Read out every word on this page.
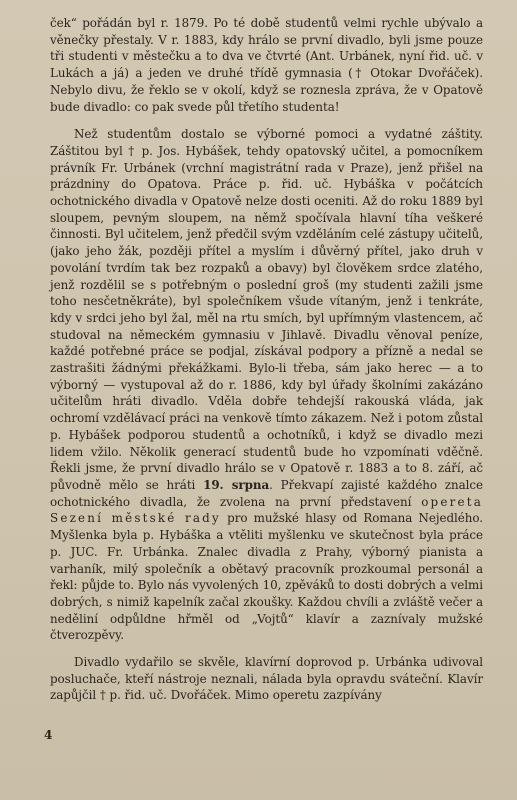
ček“ pořádán byl r. 1879. Po té době studentů velmi rychle ubývalo a věnečky přestaly. V r. 1883, kdy hrálo se první divadlo, byli jsme pouze tři studenti v městečku a to dva ve čtvrté (Ant. Urbánek, nyní řid. uč. v Lukách a já) a jeden ve druhé třídě gymnasia († Otokar Dvořáček). Nebylo divu, že řeklo se v okolí, když se roznesla zpráva, že v Opatově bude divadlo: co pak svede půl třetího studenta!

Než studentům dostalo se výborné pomoci a vydatné záštity. Záštitou byl † p. Jos. Hybášek, tehdy opatovský učitel, a pomocníkem právník Fr. Urbánek (vrchní magistrátní rada v Praze), jenž přišel na prázdniny do Opatova. Práce p. řid. uč. Hybáška v počátcích ochotnického divadla v Opatově nelze dosti oceniti. Až do roku 1889 byl sloupem, pevným sloupem, na němž spočívala hlavní tíha veškeré činnosti. Byl učitelem, jenž předčil svým vzděláním celé zástupy učitelů, (jako jeho žák, později přítel a myslím i důvěrný přítel, jako druh v povolání tvrdím tak bez rozpaků a obavy) byl člověkem srdce zlatého, jenž rozdělil se s potřebným o poslední groš (my studenti zažili jsme toho nesčetněkráte), byl společníkem všude vítaným, jenž i tenkráte, kdy v srdci jeho byl žal, měl na rtu smích, byl upřímným vlastencem, ač studoval na německém gymnasiu v Jihlavě. Divadlu věnoval peníze, každé potřebné práce se podjal, získával podpory a přízně a nedal se zastrašiti žádnými překážkami. Bylo-li třeba, sám jako herec — a to výborný — vystupoval až do r. 1886, kdy byl úřady školními zakázáno učitelům hráti divadlo. Vděla dobře tehdejší rakouská vláda, jak ochromí vzdělávací práci na venkově tímto zákazem. Než i potom zůstal p. Hybášek podporou studentů a ochotníků, i když se divadlo mezi lidem vžilo. Několik generací studentů bude ho vzpomínati vděčně. Řekli jsme, že první divadlo hrálo se v Opatově r. 1883 a to 8. září, ač původně mělo se hráti 19. srpna. Překvapí zajisté každého znalce ochotnického divadla, že zvolena na první představení opereta Sezení městské rady pro mužské hlasy od Romana Nejedlého. Myšlenka byla p. Hybáška a vtěliti myšlenku ve skutečnost byla práce p. JUC. Fr. Urbánka. Znalec divadla z Prahy, výborný pianista a varhaník, milý společník a obětavý pracovník prozkoumal personál a řekl: půjde to. Bylo nás vyvolených 10, zpěváků to dosti dobrých a velmi dobrých, s nimiž kapelník začal zkoušky. Každou chvíli a zvláště večer a neděliní odpůldne hřměl od „Vojtů“ klavír a zaznívaly mužské čtverozpěvy.

Divadlo vydařilo se skvěle, klavírní doprovod p. Urbánka udivoval posluchače, kteří nástroje neznali, nálada byla opravdu sváteční. Klavír zapůjčil † p. řid. uč. Dvořáček. Mimo operetu zazpívány

4
